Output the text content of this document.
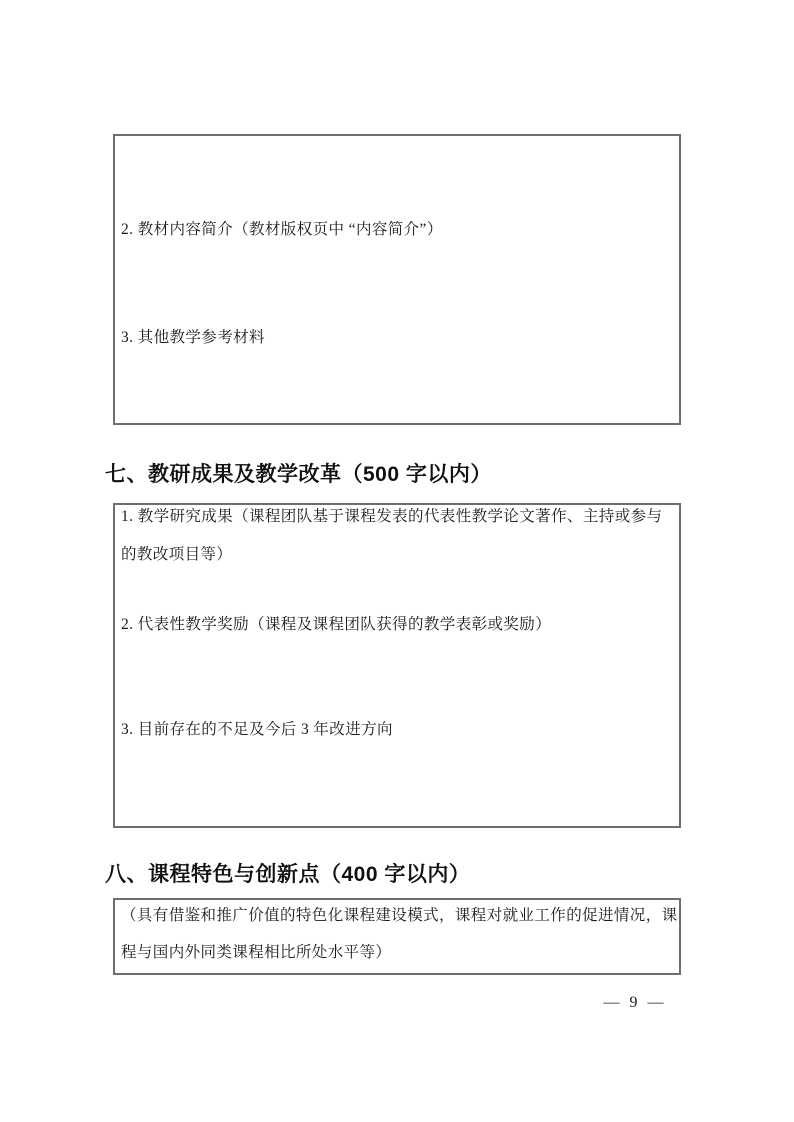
2. 教材内容简介（教材版权页中 “内容简介”）
3. 其他教学参考材料
七、教研成果及教学改革（500 字以内）
1. 教学研究成果（课程团队基于课程发表的代表性教学论文著作、主持或参与
的教改项目等）
2. 代表性教学奖励（课程及课程团队获得的教学表彰或奖励）
3. 目前存在的不足及今后 3 年改进方向
八、课程特色与创新点（400 字以内）
（具有借鉴和推广价值的特色化课程建设模式，课程对就业工作的促进情况，课
程与国内外同类课程相比所处水平等）
— 9 —
